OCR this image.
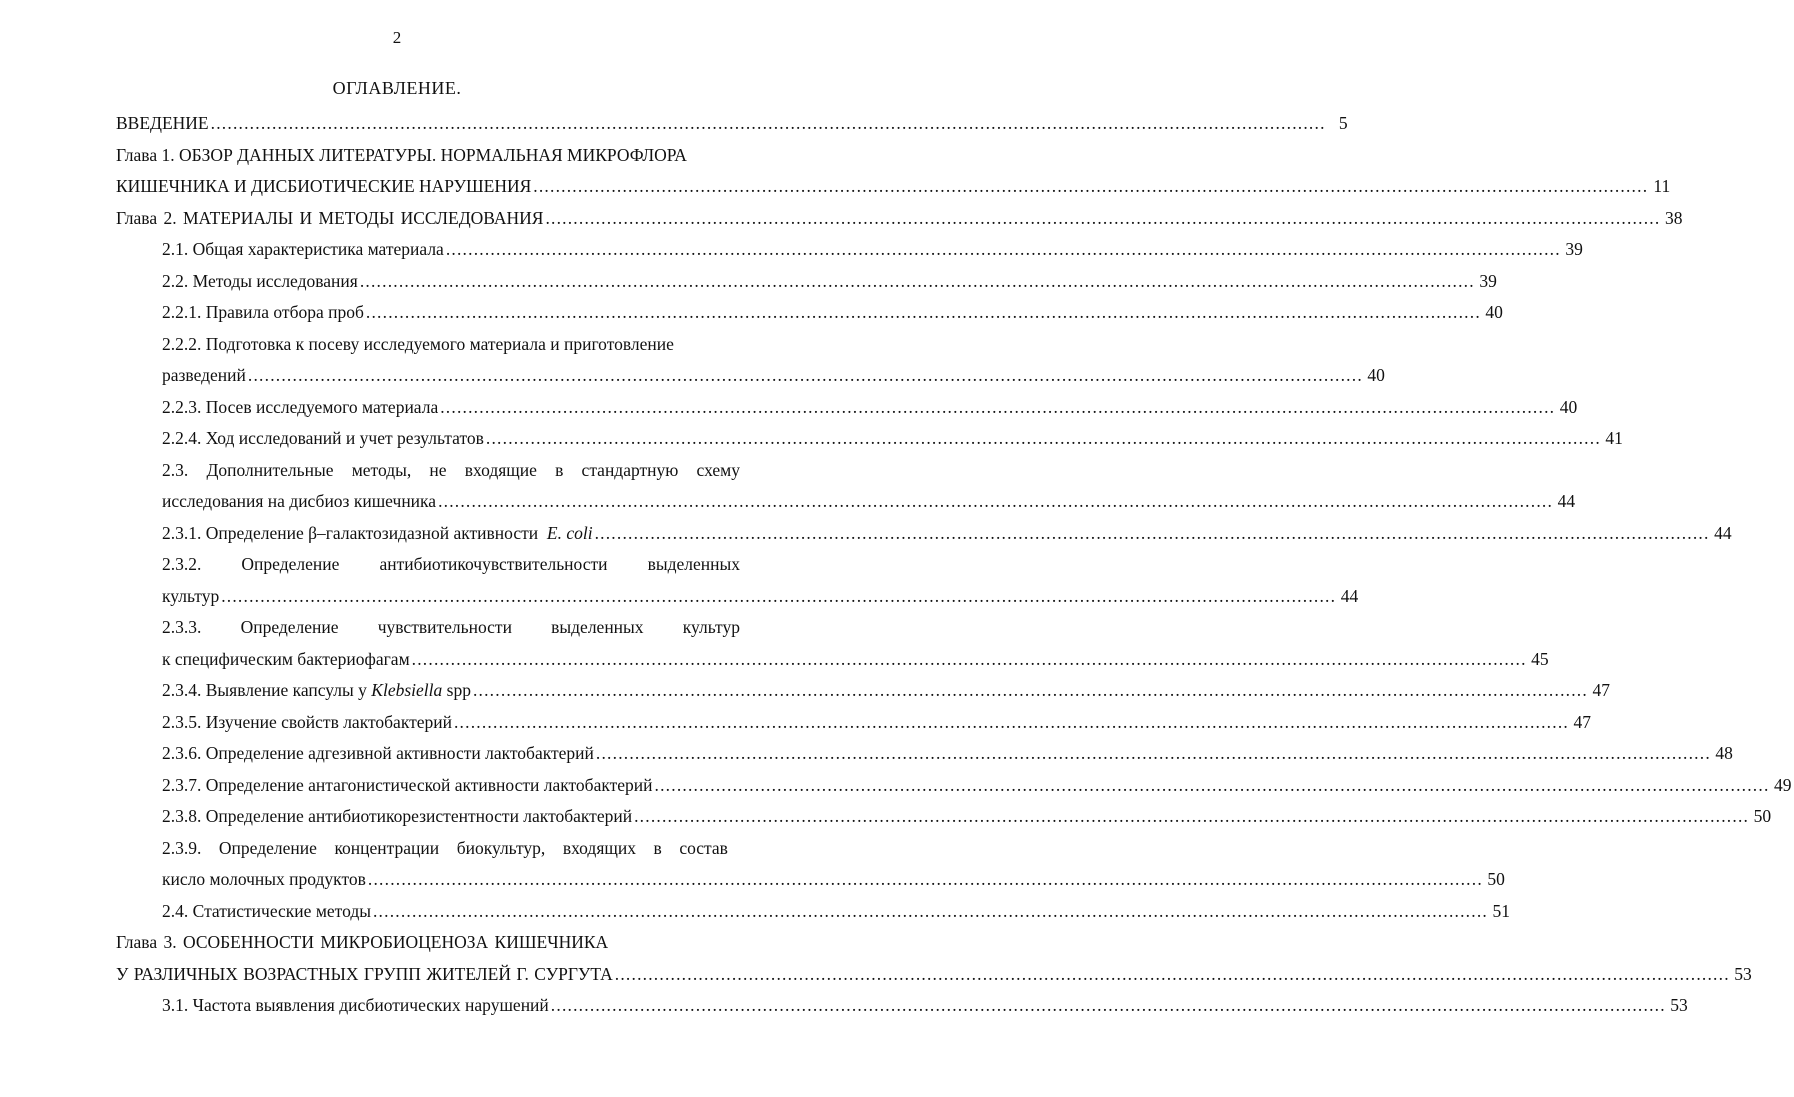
2
ОГЛАВЛЕНИЕ.
ВВЕДЕНИЕ ........................................................................................................................................................................................................ 5
Глава 1. ОБЗОР ДАННЫХ ЛИТЕРАТУРЫ. НОРМАЛЬНАЯ МИКРОФЛОРА
КИШЕЧНИКА И ДИСБИОТИЧЕСКИЕ НАРУШЕНИЯ ........................................................................................................................................................................................................ 11
Глава 2. МАТЕРИАЛЫ И МЕТОДЫ ИССЛЕДОВАНИЯ ........................................................................................................................................................................................................ 38
2.1. Общая характеристика материала ........................................................................................................................................................................................................ 39
2.2. Методы исследования ........................................................................................................................................................................................................ 39
2.2.1. Правила отбора проб ........................................................................................................................................................................................................ 40
2.2.2. Подготовка к посеву исследуемого материала и приготовление
разведений ........................................................................................................................................................................................................ 40
2.2.3. Посев исследуемого материала ........................................................................................................................................................................................................ 40
2.2.4. Ход исследований и учет результатов ........................................................................................................................................................................................................ 41
2.3. Дополнительные методы, не входящие в стандартную схему
исследования на дисбиоз кишечника ........................................................................................................................................................................................................ 44
2.3.1. Определение β–галактозидазной активности E. coli ........................................................................................................................................................................................................ 44
2.3.2. Определение антибиотикочувствительности выделенных
культур ........................................................................................................................................................................................................ 44
2.3.3. Определение чувствительности выделенных культур
к специфическим бактериофагам ........................................................................................................................................................................................................ 45
2.3.4. Выявление капсулы у Klebsiella spp ........................................................................................................................................................................................................ 47
2.3.5. Изучение свойств лактобактерий ........................................................................................................................................................................................................ 47
2.3.6. Определение адгезивной активности лактобактерий ........................................................................................................................................................................................................ 48
2.3.7. Определение антагонистической активности лактобактерий ........................................................................................................................................................................................................ 49
2.3.8. Определение антибиотикорезистентности лактобактерий ........................................................................................................................................................................................................ 50
2.3.9. Определение концентрации биокультур, входящих в состав
кисло молочных продуктов ........................................................................................................................................................................................................ 50
2.4. Статистические методы ........................................................................................................................................................................................................ 51
Глава 3. ОСОБЕННОСТИ МИКРОБИОЦЕНОЗА КИШЕЧНИКА
У РАЗЛИЧНЫХ ВОЗРАСТНЫХ ГРУПП ЖИТЕЛЕЙ Г. СУРГУТА ........................................................................................................................................................................................................ 53
3.1. Частота выявления дисбиотических нарушений ........................................................................................................................................................................................................ 53
